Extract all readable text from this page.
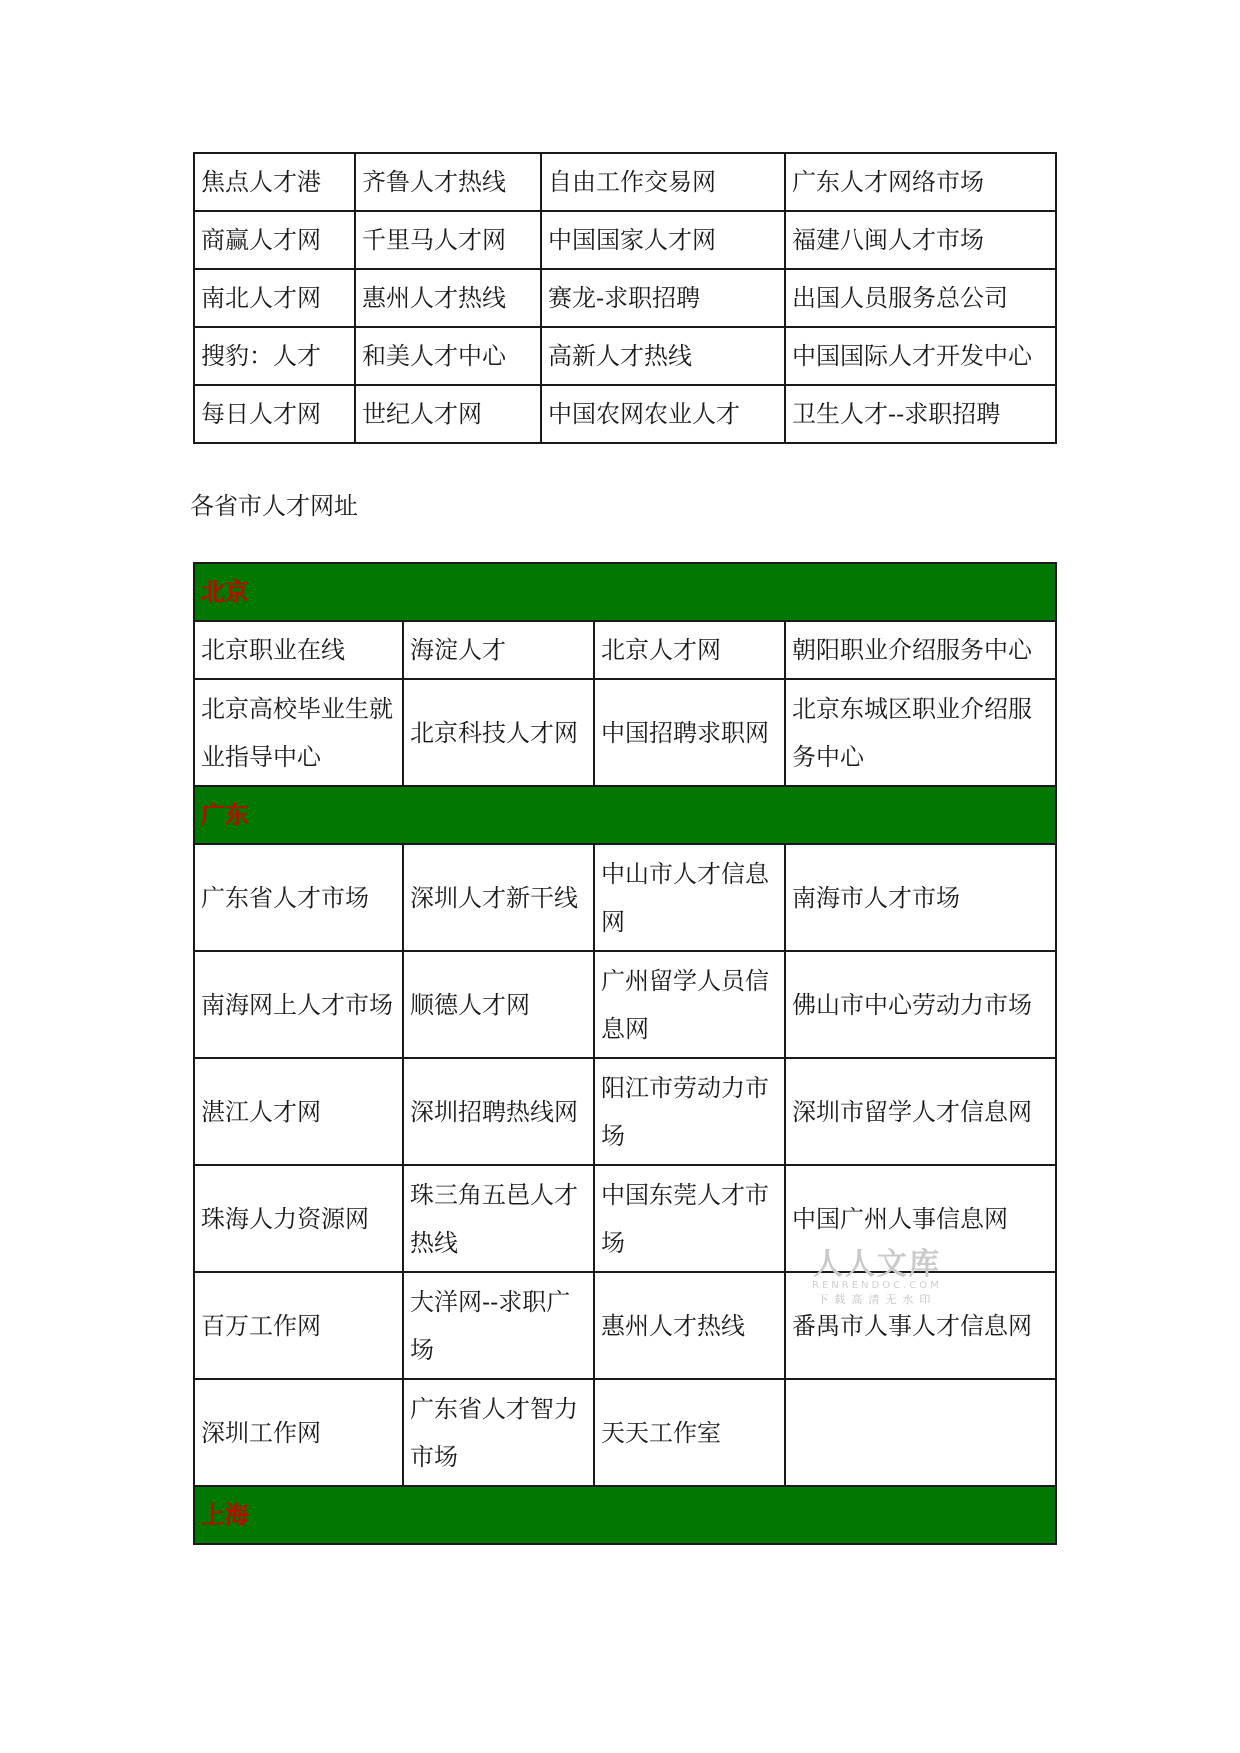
焦点人才港	齐鲁人才热线	自由工作交易网	广东人才网络市场
商赢人才网	千里马人才网	中国国家人才网	福建八闽人才市场
南北人才网	惠州人才热线	赛龙-求职招聘	出国人员服务总公司
搜豹：人才	和美人才中心	高新人才热线	中国国际人才开发中心
每日人才网	世纪人才网	中国农网农业人才	卫生人才--求职招聘
各省市人才网址
北京			
北京职业在线	海淀人才	北京人才网	朝阳职业介绍服务中心
北京高校毕业生就业指导中心	北京科技人才网	中国招聘求职网	北京东城区职业介绍服务中心
广东			
广东省人才市场	深圳人才新干线	中山市人才信息网	南海市人才市场
南海网上人才市场	顺德人才网	广州留学人员信息网	佛山市中心劳动力市场
湛江人才网	深圳招聘热线网	阳江市劳动力市场	深圳市留学人才信息网
珠海人力资源网	珠三角五邑人才热线	中国东莞人才市场	中国广州人事信息网
百万工作网	大洋网--求职广场	惠州人才热线	番禺市人事人才信息网
深圳工作网	广东省人才智力市场	天天工作室	
上海			
人人文库
RENRENDOC.COM
下载高清无水印
